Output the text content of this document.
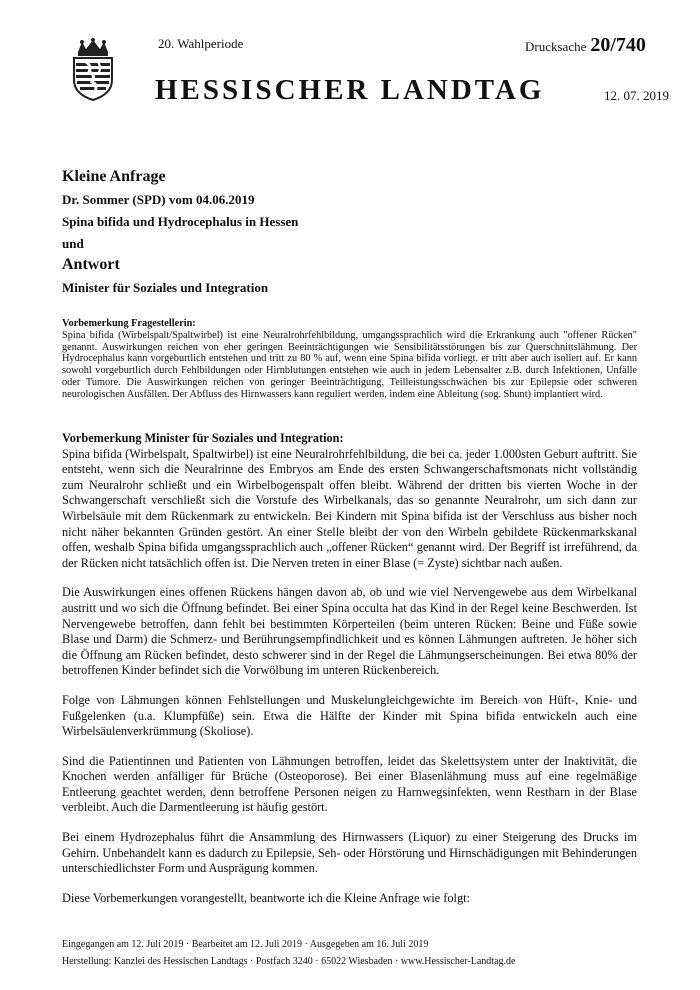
20. Wahlperiode	Drucksache 20/740
HESSISCHER LANDTAG	12. 07. 2019
Kleine Anfrage
Dr. Sommer (SPD) vom 04.06.2019
Spina bifida und Hydrocephalus in Hessen
und
Antwort
Minister für Soziales und Integration
Vorbemerkung Fragestellerin:
Spina bifida (Wirbelspalt/Spaltwirbel) ist eine Neuralrohrfehlbildung, umgangssprachlich wird die Erkrankung auch "offener Rücken" genannt. Auswirkungen reichen von eher geringen Beeinträchtigungen wie Sensibilitätsstörungen bis zur Querschnittslähmung. Der Hydrocephalus kann vorgeburtlich entstehen und tritt zu 80 % auf, wenn eine Spina bifida vorliegt. er tritt aber auch isoliert auf. Er kann sowohl vorgeburtlich durch Fehlbildungen oder Hirnblutungen entstehen wie auch in jedem Lebensalter z.B. durch Infektionen, Unfälle oder Tumore. Die Auswirkungen reichen von geringer Beeinträchtigung, Teilleistungsschwächen bis zur Epilepsie oder schweren neurologischen Ausfällen. Der Abfluss des Hirnwassers kann reguliert werden, indem eine Ableitung (sog. Shunt) implantiert wird.
Vorbemerkung Minister für Soziales und Integration:

Spina bifida (Wirbelspalt, Spaltwirbel) ist eine Neuralrohrfehlbildung, die bei ca. jeder 1.000sten Geburt auftritt. Sie entsteht, wenn sich die Neuralrinne des Embryos am Ende des ersten Schwangerschaftsmonats nicht vollständig zum Neuralrohr schließt und ein Wirbelbogenspalt offen bleibt. Während der dritten bis vierten Woche in der Schwangerschaft verschließt sich die Vorstufe des Wirbelkanals, das so genannte Neuralrohr, um sich dann zur Wirbelsäule mit dem Rückenmark zu entwickeln. Bei Kindern mit Spina bifida ist der Verschluss aus bisher noch nicht näher bekannten Gründen gestört. An einer Stelle bleibt der von den Wirbeln gebildete Rückenmarkskanal offen, weshalb Spina bifida umgangssprachlich auch „offener Rücken“ genannt wird. Der Begriff ist irreführend, da der Rücken nicht tatsächlich offen ist. Die Nerven treten in einer Blase (= Zyste) sichtbar nach außen.

Die Auswirkungen eines offenen Rückens hängen davon ab, ob und wie viel Nervengewebe aus dem Wirbelkanal austritt und wo sich die Öffnung befindet. Bei einer Spina occulta hat das Kind in der Regel keine Beschwerden. Ist Nervengewebe betroffen, dann fehlt bei bestimmten Körperteilen (beim unteren Rücken: Beine und Füße sowie Blase und Darm) die Schmerz- und Berührungsempfindlichkeit und es können Lähmungen auftreten. Je höher sich die Öffnung am Rücken befindet, desto schwerer sind in der Regel die Lähmungserscheinungen. Bei etwa 80% der betroffenen Kinder befindet sich die Vorwölbung im unteren Rückenbereich.

Folge von Lähmungen können Fehlstellungen und Muskelungleichgewichte im Bereich von Hüft-, Knie- und Fußgelenken (u.a. Klumpfüße) sein. Etwa die Hälfte der Kinder mit Spina bifida entwickeln auch eine Wirbelsäulenverkrümmung (Skoliose).

Sind die Patientinnen und Patienten von Lähmungen betroffen, leidet das Skelettsystem unter der Inaktivität, die Knochen werden anfälliger für Brüche (Osteoporose). Bei einer Blasenlähmung muss auf eine regelmäßige Entleerung geachtet werden, denn betroffene Personen neigen zu Harnwegsinfekten, wenn Restharn in der Blase verbleibt. Auch die Darmentleerung ist häufig gestört.

Bei einem Hydrozephalus führt die Ansammlung des Hirnwassers (Liquor) zu einer Steigerung des Drucks im Gehirn. Unbehandelt kann es dadurch zu Epilepsie, Seh- oder Hörstörung und Hirnschädigungen mit Behinderungen unterschiedlichster Form und Ausprägung kommen.

Diese Vorbemerkungen vorangestellt, beantworte ich die Kleine Anfrage wie folgt:

Eingegangen am 12. Juli 2019 · Bearbeitet am 12. Juli 2019 · Ausgegeben am 16. Juli 2019
Herstellung: Kanzlei des Hessischen Landtags · Postfach 3240 · 65022 Wiesbaden · www.Hessischer-Landtag.de
